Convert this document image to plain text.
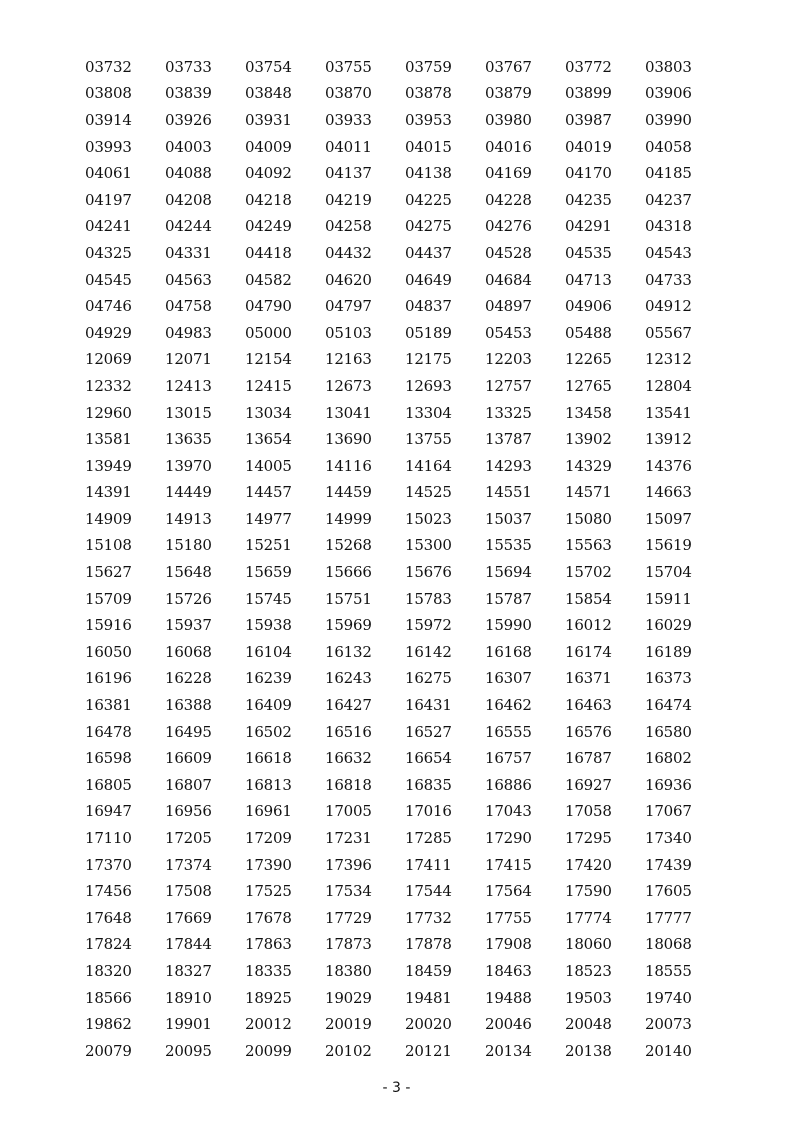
03732	03733	03754	03755	03759	03767	03772	03803
03808	03839	03848	03870	03878	03879	03899	03906
03914	03926	03931	03933	03953	03980	03987	03990
03993	04003	04009	04011	04015	04016	04019	04058
04061	04088	04092	04137	04138	04169	04170	04185
04197	04208	04218	04219	04225	04228	04235	04237
04241	04244	04249	04258	04275	04276	04291	04318
04325	04331	04418	04432	04437	04528	04535	04543
04545	04563	04582	04620	04649	04684	04713	04733
04746	04758	04790	04797	04837	04897	04906	04912
04929	04983	05000	05103	05189	05453	05488	05567
12069	12071	12154	12163	12175	12203	12265	12312
12332	12413	12415	12673	12693	12757	12765	12804
12960	13015	13034	13041	13304	13325	13458	13541
13581	13635	13654	13690	13755	13787	13902	13912
13949	13970	14005	14116	14164	14293	14329	14376
14391	14449	14457	14459	14525	14551	14571	14663
14909	14913	14977	14999	15023	15037	15080	15097
15108	15180	15251	15268	15300	15535	15563	15619
15627	15648	15659	15666	15676	15694	15702	15704
15709	15726	15745	15751	15783	15787	15854	15911
15916	15937	15938	15969	15972	15990	16012	16029
16050	16068	16104	16132	16142	16168	16174	16189
16196	16228	16239	16243	16275	16307	16371	16373
16381	16388	16409	16427	16431	16462	16463	16474
16478	16495	16502	16516	16527	16555	16576	16580
16598	16609	16618	16632	16654	16757	16787	16802
16805	16807	16813	16818	16835	16886	16927	16936
16947	16956	16961	17005	17016	17043	17058	17067
17110	17205	17209	17231	17285	17290	17295	17340
17370	17374	17390	17396	17411	17415	17420	17439
17456	17508	17525	17534	17544	17564	17590	17605
17648	17669	17678	17729	17732	17755	17774	17777
17824	17844	17863	17873	17878	17908	18060	18068
18320	18327	18335	18380	18459	18463	18523	18555
18566	18910	18925	19029	19481	19488	19503	19740
19862	19901	20012	20019	20020	20046	20048	20073
20079	20095	20099	20102	20121	20134	20138	20140
- 3 -
